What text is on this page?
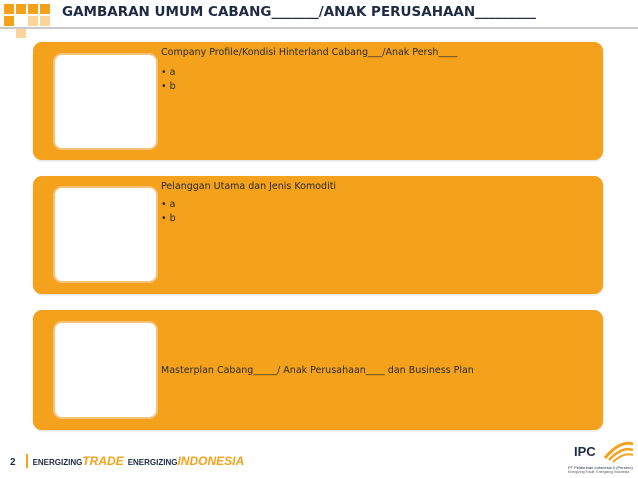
GAMBARAN UMUM CABANG_______/ANAK PERUSAHAAN_________
Company Profile/Kondisi Hinterland Cabang___/Anak Persh____
• a
• b
Pelanggan Utama dan Jenis Komoditi
• a
• b
Masterplan Cabang_____/ Anak Perusahaan____ dan Business Plan
2 ENERGIZING TRADE ENERGIZING INDONESIA
IPC
PT Pelabuhan Indonesia II (Persero)
Energizing Trade, Energizing Indonesia
